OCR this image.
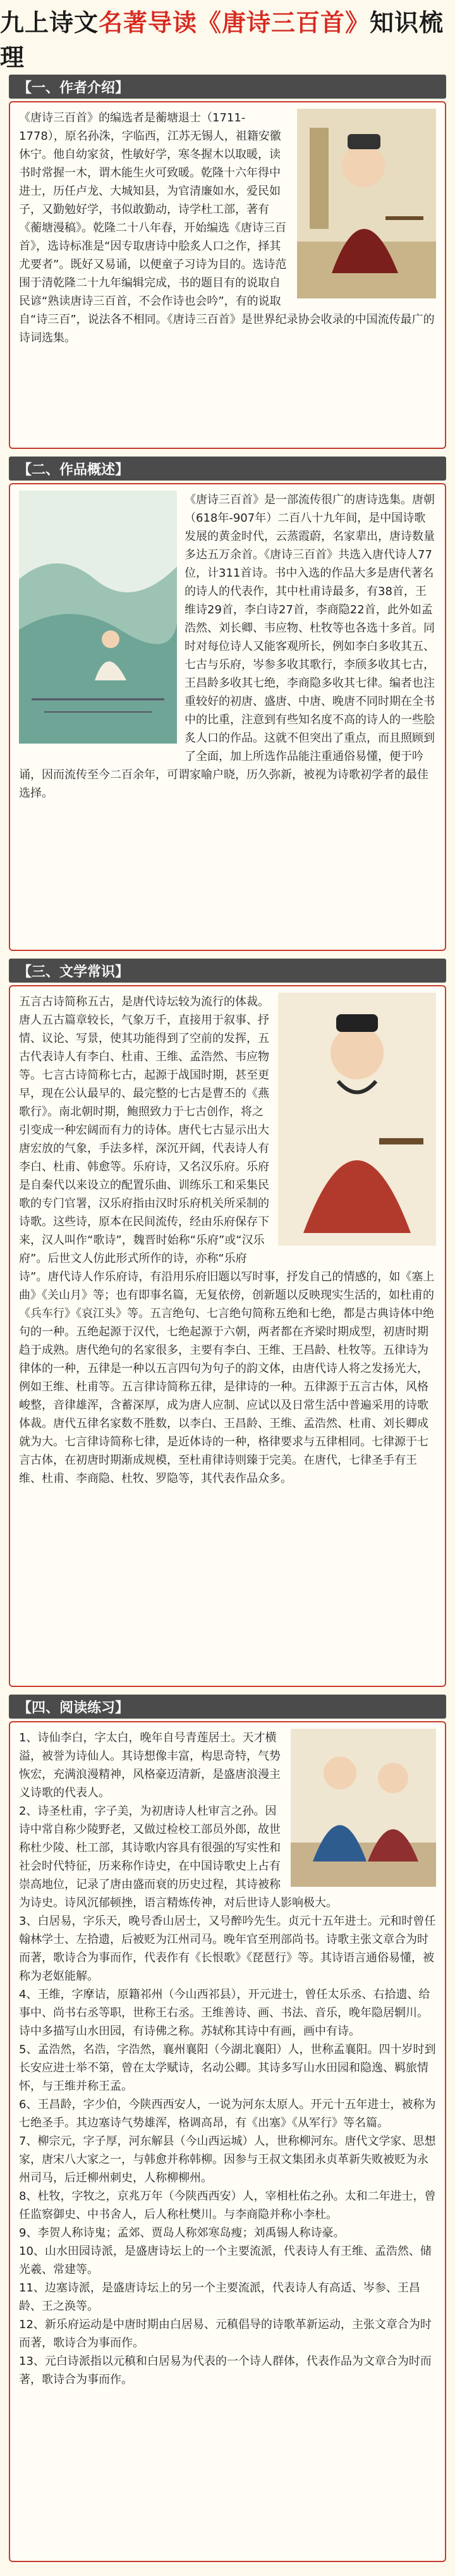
九上诗文名著导读《唐诗三百首》知识梳理
【一、作者介绍】

《唐诗三百首》的编选者是蘅塘退士（1711-1778），原名孙洙，字临西，江苏无锡人，祖籍安徽休宁。他自幼家贫，性敏好学，寒冬握木以取暖，读书时常握一木，谓木能生火可致暖。乾隆十六年得中进士，历任卢龙、大城知县，为官清廉如水，爱民如子，又勤勉好学，书似敢勤动，诗学杜工部，著有《蘅塘漫稿》。乾隆二十八年春，开始编选《唐诗三百首》，选诗标准是“因专取唐诗中脍炙人口之作，择其尤要者”。既好又易诵，以便童子习诗为目的。选诗范围于清乾隆二十九年编辑完成，书的题目有的说取自民谚“熟读唐诗三百首，不会作诗也会吟”，有的说取自“诗三百”，说法各不相同。《唐诗三百首》是世界纪录协会收录的中国流传最广的诗词选集。

【二、作品概述】

《唐诗三百首》是一部流传很广的唐诗选集。唐朝（618年-907年）二百八十九年间，是中国诗歌发展的黄金时代，云蒸霞蔚，名家辈出，唐诗数量多达五万余首。《唐诗三百首》共选入唐代诗人77位，计311首诗。书中入选的作品大多是唐代著名的诗人的代表作，其中杜甫诗最多，有38首，王维诗29首，李白诗27首，李商隐22首，此外如孟浩然、刘长卿、韦应物、杜牧等也各选十多首。同时对每位诗人又能客观所长，例如李白多收其五、七古与乐府，岑参多收其歌行，李颀多收其七古，王昌龄多收其七绝，李商隐多收其七律。编者也注重较好的初唐、盛唐、中唐、晚唐不同时期在全书中的比重，注意到有些知名度不高的诗人的一些脍炙人口的作品。这就不但突出了重点，而且照顾到了全面，加上所选作品能注重通俗易懂，便于吟诵，因而流传至今二百余年，可谓家喻户晓，历久弥新，被视为诗歌初学者的最佳选择。

【三、文学常识】

五言古诗简称五古，是唐代诗坛较为流行的体裁。唐人五古篇章较长，气象万千，直接用于叙事、抒情、议论、写景，使其功能得到了空前的发挥，五古代表诗人有李白、杜甫、王维、孟浩然、韦应物等。七言古诗简称七古，起源于战国时期，甚至更早，现在公认最早的、最完整的七古是曹丕的《燕歌行》。南北朝时期，鲍照致力于七古创作，将之引变成一种宏阔而有力的诗体。唐代七古显示出大唐宏放的气象，手法多样，深沉开阔，代表诗人有李白、杜甫、韩愈等。乐府诗，又名汉乐府。乐府是自秦代以来设立的配置乐曲、训练乐工和采集民歌的专门官署，汉乐府指由汉时乐府机关所采制的诗歌。这些诗，原本在民间流传，经由乐府保存下来，汉人叫作“歌诗”，魏晋时始称“乐府”或“汉乐府”。后世文人仿此形式所作的诗，亦称“乐府诗”。唐代诗人作乐府诗，有沿用乐府旧题以写时事，抒发自己的情感的，如《塞上曲》《关山月》等；也有即事名篇，无复依傍，创新题以反映现实生活的，如杜甫的《兵车行》《哀江头》等。五言绝句、七言绝句简称五绝和七绝，都是古典诗体中绝句的一种。五绝起源于汉代，七绝起源于六朝，两者都在齐梁时期成型，初唐时期趋于成熟。唐代绝句的名家很多，主要有李白、王维、王昌龄、杜牧等。五律诗为律体的一种，五律是一种以五言四句为句子的韵文体，由唐代诗人将之发扬光大，例如王维、杜甫等。五言律诗简称五律，是律诗的一种。五律源于五言古体，风格峻整，音律雄浑，含蓄深厚，成为唐人应制、应试以及日常生活中普遍采用的诗歌体裁。唐代五律名家数不胜数，以李白、王昌龄、王维、孟浩然、杜甫、刘长卿成就为大。七言律诗简称七律，是近体诗的一种，格律要求与五律相同。七律源于七言古体，在初唐时期渐成规模，至杜甫律诗则臻于完美。在唐代，七律圣手有王维、杜甫、李商隐、杜牧、罗隐等，其代表作品众多。

【四、阅读练习】

1、诗仙李白，字太白，晚年自号青莲居士。天才横溢，被誉为诗仙人。其诗想像丰富，构思奇特，气势恢宏，充满浪漫精神，风格豪迈清新，是盛唐浪漫主义诗歌的代表人。

2、诗圣杜甫，字子美，为初唐诗人杜审言之孙。因诗中常自称少陵野老，又做过检校工部员外郎，故世称杜少陵、杜工部，其诗歌内容具有很强的写实性和社会时代特征，历来称作诗史，在中国诗歌史上占有崇高地位，记录了唐由盛而衰的历史过程，其诗被称为诗史。诗风沉郁顿挫，语言精炼传神，对后世诗人影响极大。

3、白居易，字乐天，晚号香山居士，又号醉吟先生。贞元十五年进士。元和时曾任翰林学士、左拾遗，后被贬为江州司马。晚年官至刑部尚书。诗歌主张文章合为时而著，歌诗合为事而作，代表作有《长恨歌》《琵琶行》等。其诗语言通俗易懂，被称为老妪能解。

4、王维，字摩诘，原籍祁州（今山西祁县），开元进士，曾任太乐丞、右拾遗、给事中、尚书右丞等职，世称王右丞。王维善诗、画、书法、音乐，晚年隐居辋川。诗中多描写山水田园，有诗佛之称。苏轼称其诗中有画，画中有诗。

5、孟浩然，名浩，字浩然，襄州襄阳（今湖北襄阳）人，世称孟襄阳。四十岁时到长安应进士举不第，曾在太学赋诗，名动公卿。其诗多写山水田园和隐逸、羁旅情怀，与王维并称王孟。

6、王昌龄，字少伯，今陕西西安人，一说为河东太原人。开元十五年进士，被称为七绝圣手。其边塞诗气势雄浑，格调高昂，有《出塞》《从军行》等名篇。

7、柳宗元，字子厚，河东解县（今山西运城）人，世称柳河东。唐代文学家、思想家，唐宋八大家之一，与韩愈并称韩柳。因参与王叔文集团永贞革新失败被贬为永州司马，后迁柳州刺史，人称柳柳州。

8、杜牧，字牧之，京兆万年（今陕西西安）人，宰相杜佑之孙。太和二年进士，曾任监察御史、中书舍人，后人称杜樊川。与李商隐并称小李杜。

9、李贺人称诗鬼；孟郊、贾岛人称郊寒岛瘦；刘禹锡人称诗豪。

10、山水田园诗派，是盛唐诗坛上的一个主要流派，代表诗人有王维、孟浩然、储光羲、常建等。

11、边塞诗派，是盛唐诗坛上的另一个主要流派，代表诗人有高适、岑参、王昌龄、王之涣等。

12、新乐府运动是中唐时期由白居易、元稹倡导的诗歌革新运动，主张文章合为时而著，歌诗合为事而作。

13、元白诗派指以元稹和白居易为代表的一个诗人群体，代表作品为文章合为时而著，歌诗合为事而作。
